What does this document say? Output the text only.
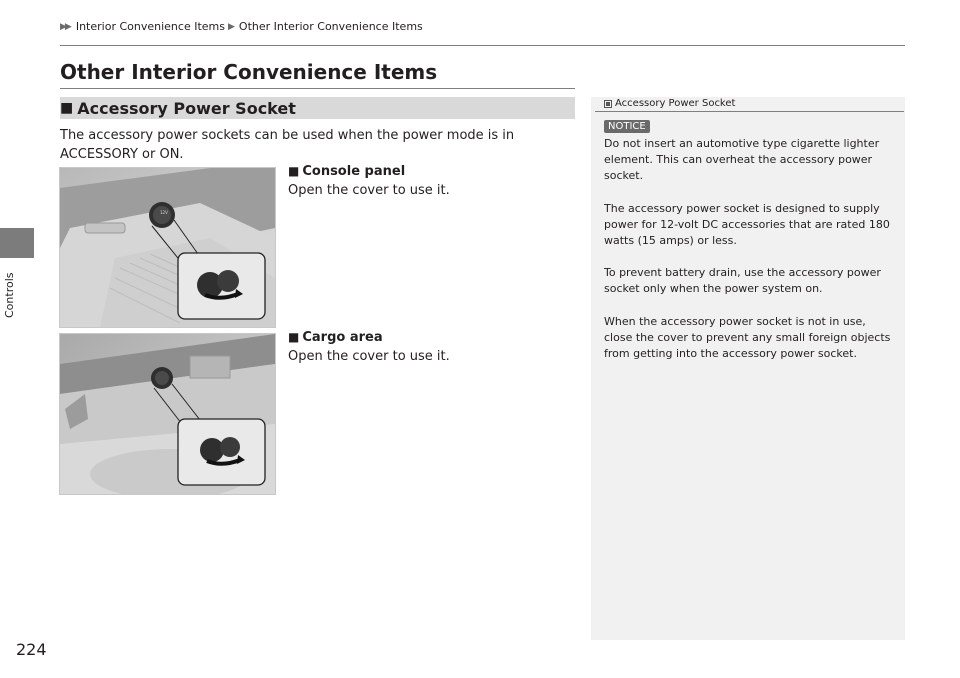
▶▶ Interior Convenience Items ▶ Other Interior Convenience Items
Controls
224
Other Interior Convenience Items
■ Accessory Power Socket
The accessory power sockets can be used when the power mode is in ACCESSORY or ON.
12V
■ Console panel
Open the cover to use it.
■ Cargo area
Open the cover to use it.
Accessory Power Socket
NOTICE
Do not insert an automotive type cigarette lighter element. This can overheat the accessory power socket.
The accessory power socket is designed to supply power for 12-volt DC accessories that are rated 180 watts (15 amps) or less.
To prevent battery drain, use the accessory power socket only when the power system on.
When the accessory power socket is not in use, close the cover to prevent any small foreign objects from getting into the accessory power socket.
